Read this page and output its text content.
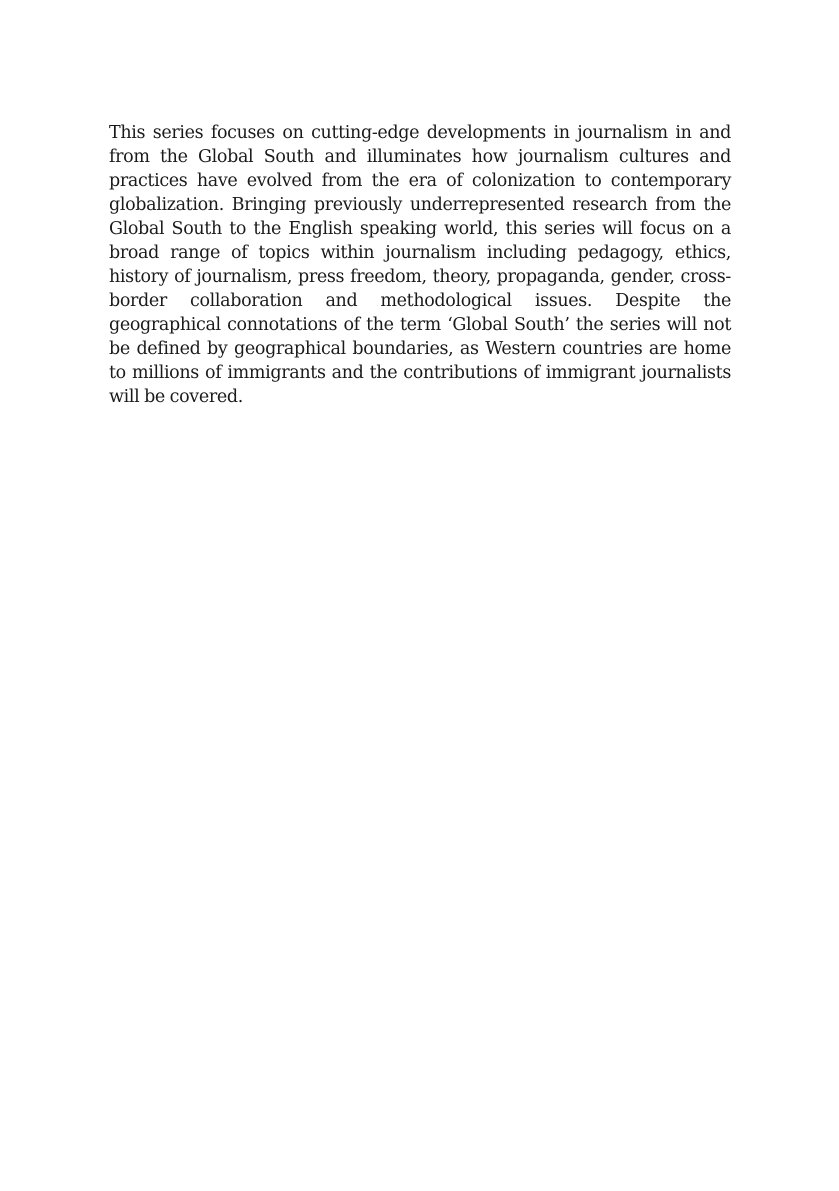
This series focuses on cutting-edge developments in journalism in and from the Global South and illuminates how journalism cultures and practices have evolved from the era of colonization to contemporary globalization. Bringing previously underrepresented research from the Global South to the English speaking world, this series will focus on a broad range of topics within journalism including pedagogy, ethics, history of journalism, press freedom, theory, propaganda, gender, cross-border collaboration and methodological issues. Despite the geographical connotations of the term ‘Global South’ the series will not be defined by geographical boundaries, as Western countries are home to millions of immigrants and the contributions of immigrant journalists will be covered.
